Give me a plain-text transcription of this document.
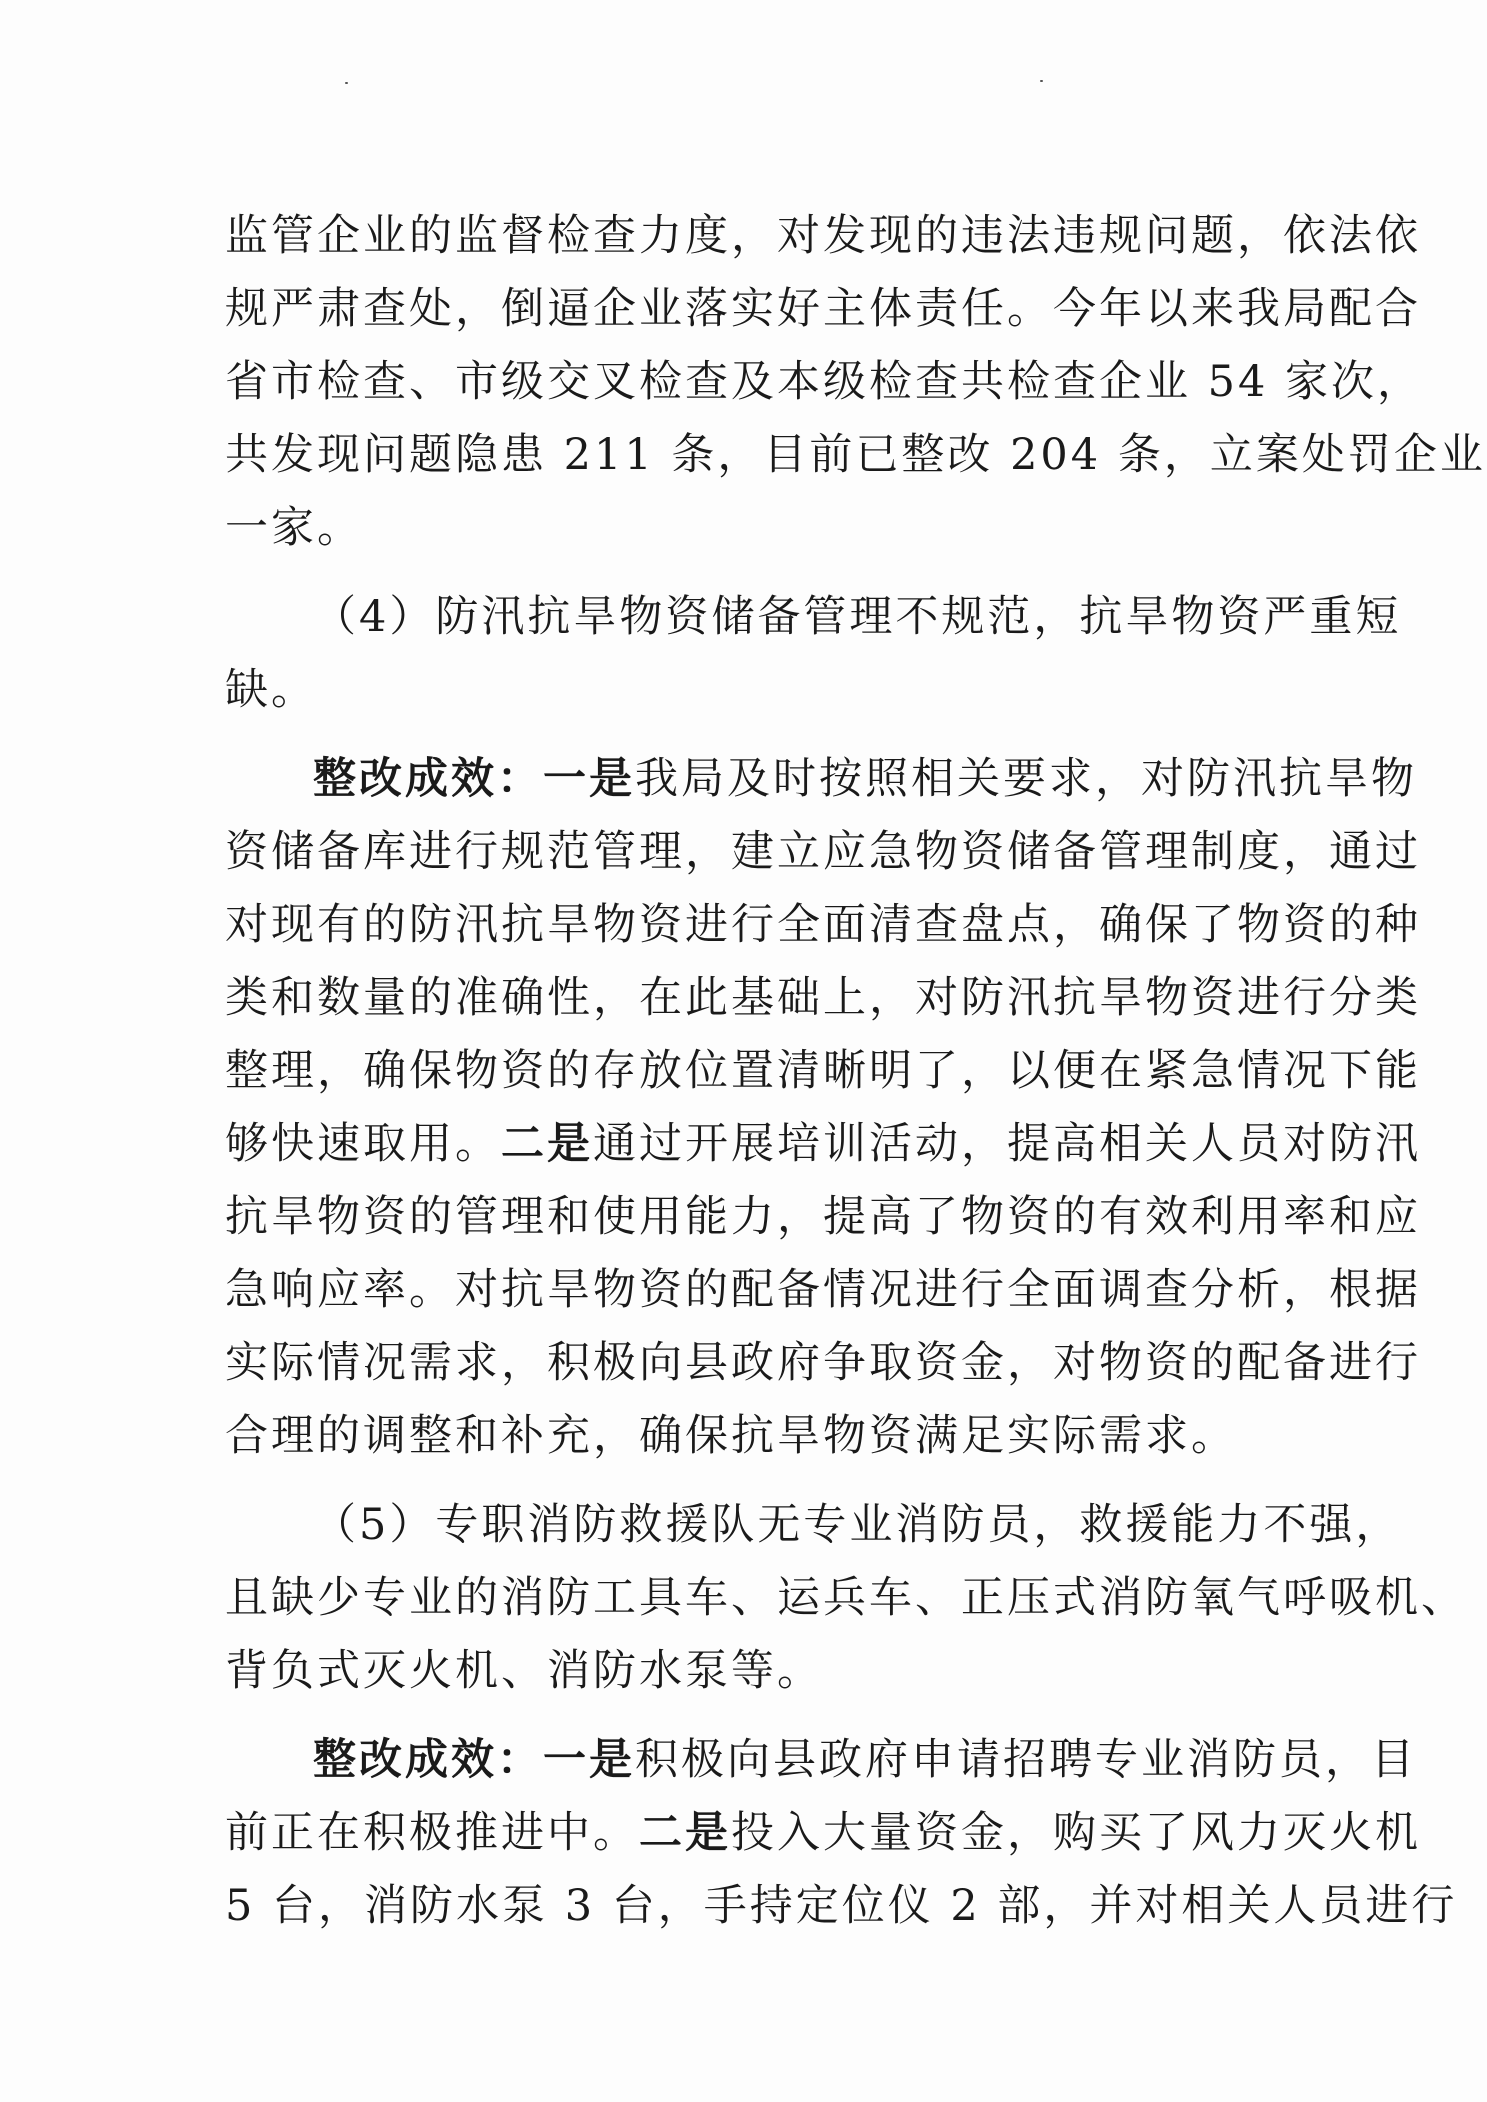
监管企业的监督检查力度，对发现的违法违规问题，依法依
规严肃查处，倒逼企业落实好主体责任。今年以来我局配合
省市检查、市级交叉检查及本级检查共检查企业 54 家次，
共发现问题隐患 211 条，目前已整改 204 条，立案处罚企业
一家。

（4）防汛抗旱物资储备管理不规范，抗旱物资严重短
缺。

整改成效：一是我局及时按照相关要求，对防汛抗旱物
资储备库进行规范管理，建立应急物资储备管理制度，通过
对现有的防汛抗旱物资进行全面清查盘点，确保了物资的种
类和数量的准确性，在此基础上，对防汛抗旱物资进行分类
整理，确保物资的存放位置清晰明了，以便在紧急情况下能
够快速取用。二是通过开展培训活动，提高相关人员对防汛
抗旱物资的管理和使用能力，提高了物资的有效利用率和应
急响应率。对抗旱物资的配备情况进行全面调查分析，根据
实际情况需求，积极向县政府争取资金，对物资的配备进行
合理的调整和补充，确保抗旱物资满足实际需求。

（5）专职消防救援队无专业消防员，救援能力不强，
且缺少专业的消防工具车、运兵车、正压式消防氧气呼吸机、
背负式灭火机、消防水泵等。

整改成效：一是积极向县政府申请招聘专业消防员，目
前正在积极推进中。二是投入大量资金，购买了风力灭火机
5 台，消防水泵 3 台，手持定位仪 2 部，并对相关人员进行
